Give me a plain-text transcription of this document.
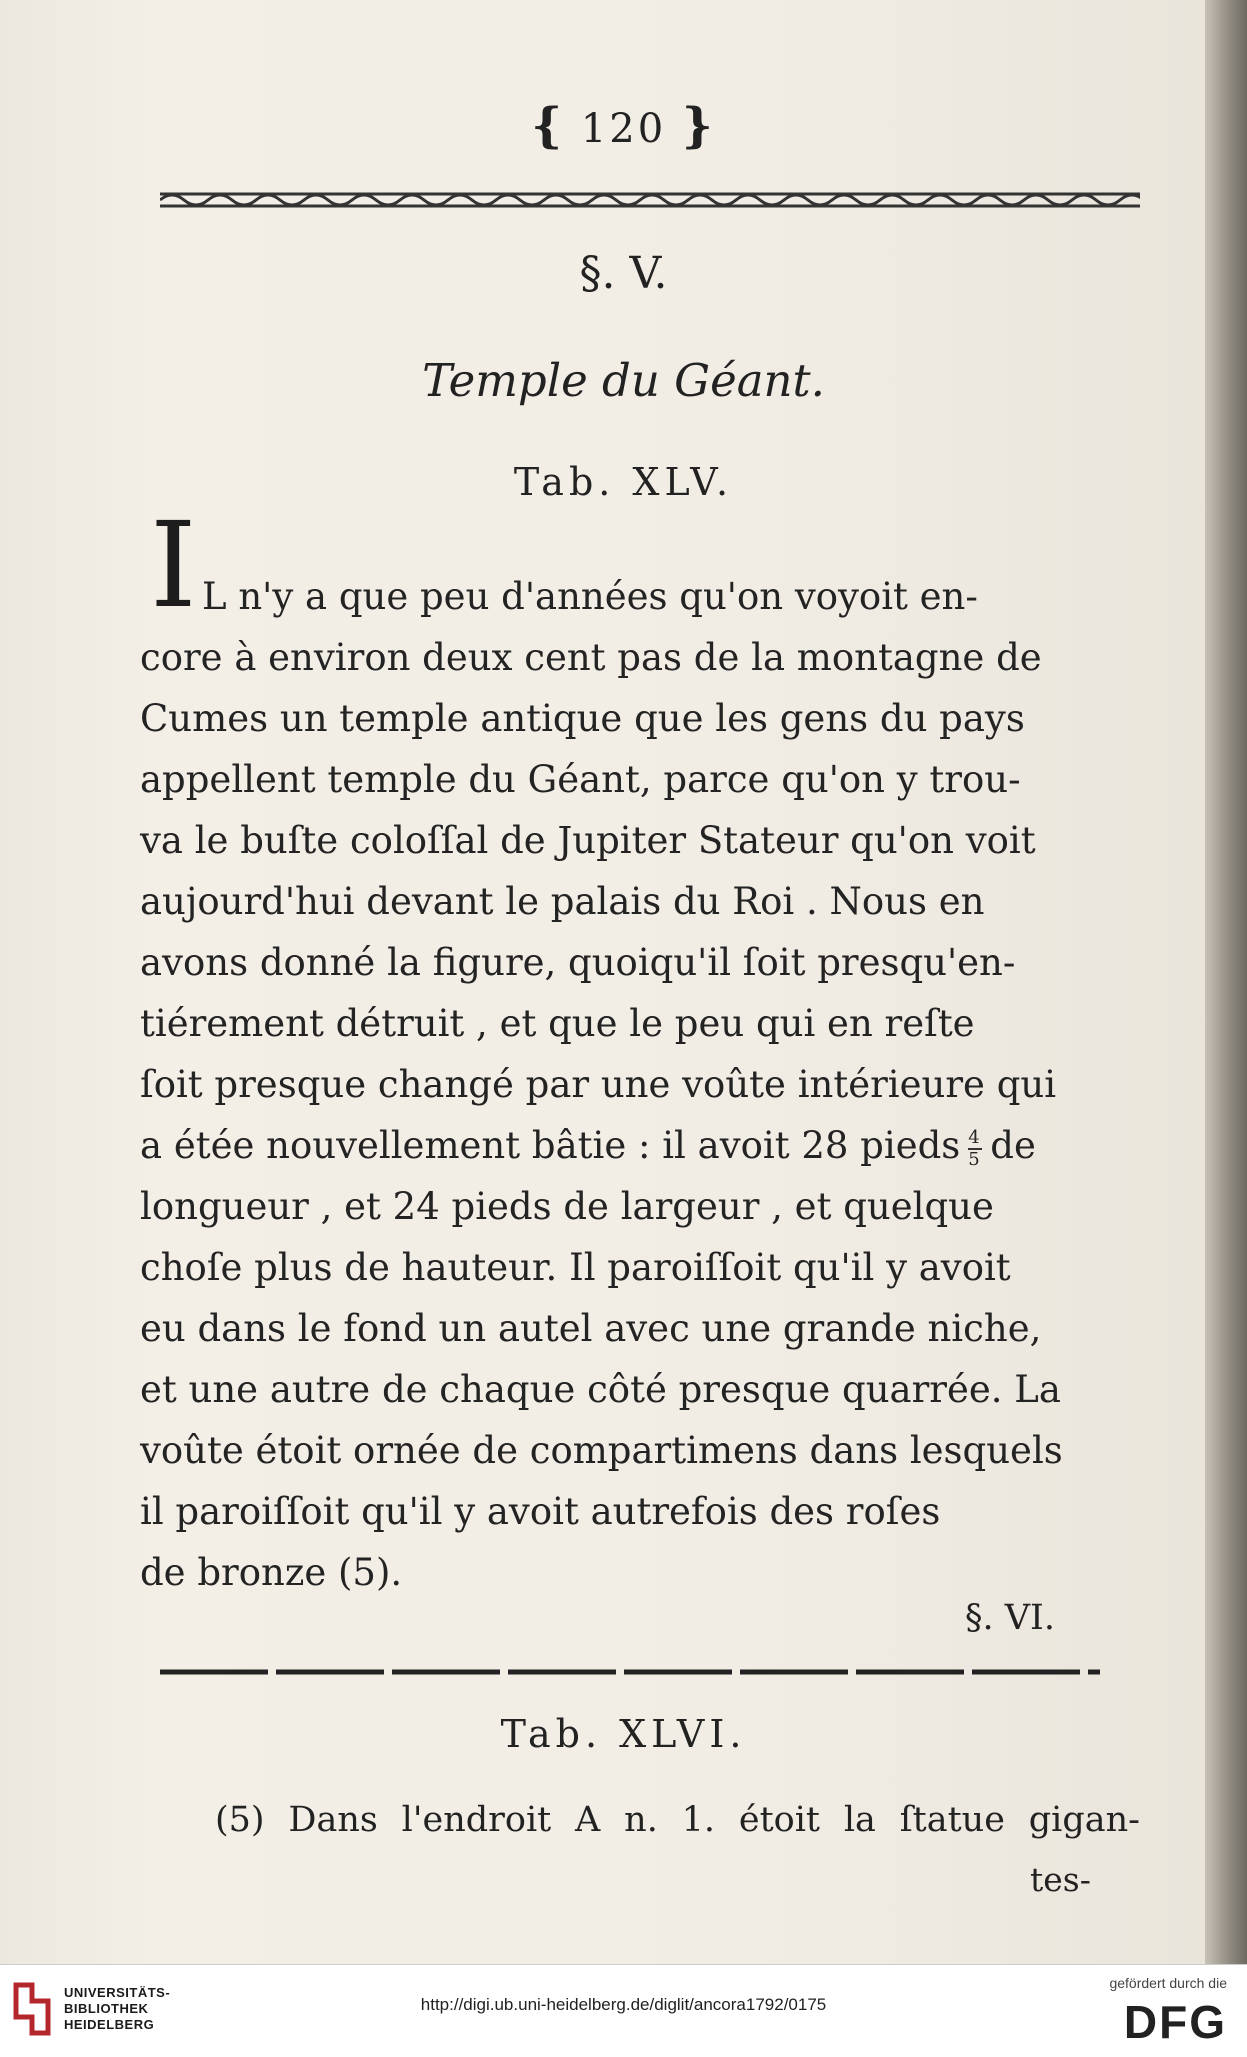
{ 120 }
§. V.
Temple du Géant.
Tab. XLV.
I L n'y a que peu d'années qu'on voyoit en-
core à environ deux cent pas de la montagne de
Cumes un temple antique que les gens du pays
appellent temple du Géant, parce qu'on y trou-
va le buſte coloſſal de Jupiter Stateur qu'on voit
aujourd'hui devant le palais du Roi . Nous en
avons donné la figure, quoiqu'il ſoit presqu'en-
tiérement détruit , et que le peu qui en reſte
ſoit presque changé par une voûte intérieure qui
a étée nouvellement bâtie : il avoit 28 pieds $\frac{4}{5}$ de
longueur , et 24 pieds de largeur , et quelque
choſe plus de hauteur. Il paroiſſoit qu'il y avoit
eu dans le fond un autel avec une grande niche,
et une autre de chaque côté presque quarrée. La
voûte étoit ornée de compartimens dans lesquels
il paroiſſoit qu'il y avoit autrefois des roſes
de bronze (5).
§. VI.
Tab. XLVI.
(5) Dans l'endroit A n. 1. étoit la ſtatue gigan-
tes-
UNIVERSITÄTS-
BIBLIOTHEK
HEIDELBERG
http://digi.ub.uni-heidelberg.de/diglit/ancora1792/0175
gefördert durch die
DFG
